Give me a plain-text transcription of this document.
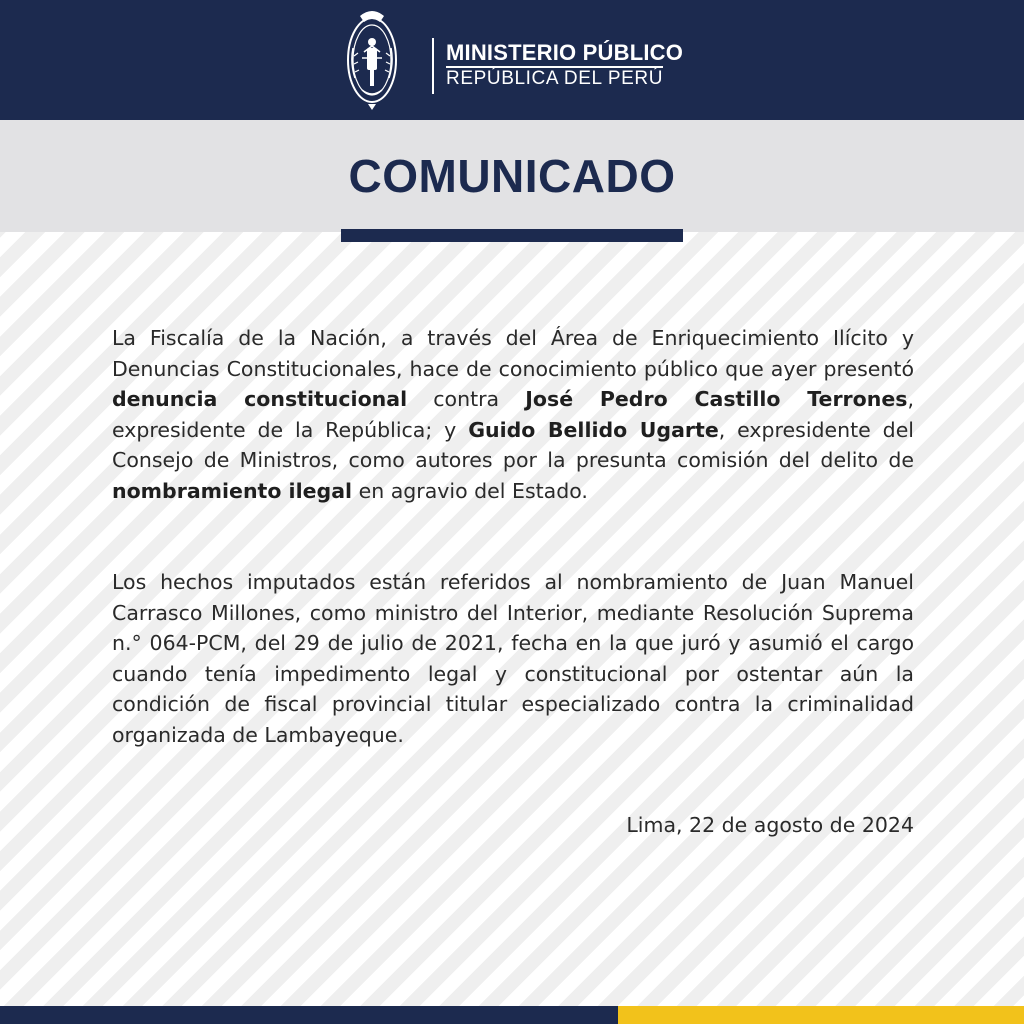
MINISTERIO PÚBLICO
REPÚBLICA DEL PERÚ
COMUNICADO

La Fiscalía de la Nación, a través del Área de Enriquecimiento Ilícito y Denuncias Constitucionales, hace de conocimiento público que ayer presentó denuncia constitucional contra José Pedro Castillo Terrones, expresidente de la República; y Guido Bellido Ugarte, expresidente del Consejo de Ministros, como autores por la presunta comisión del delito de nombramiento ilegal en agravio del Estado.

Los hechos imputados están referidos al nombramiento de Juan Manuel Carrasco Millones, como ministro del Interior, mediante Resolución Suprema n.° 064-PCM, del 29 de julio de 2021, fecha en la que juró y asumió el cargo cuando tenía impedimento legal y constitucional por ostentar aún la condición de fiscal provincial titular especializado contra la criminalidad organizada de Lambayeque.

Lima, 22 de agosto de 2024
